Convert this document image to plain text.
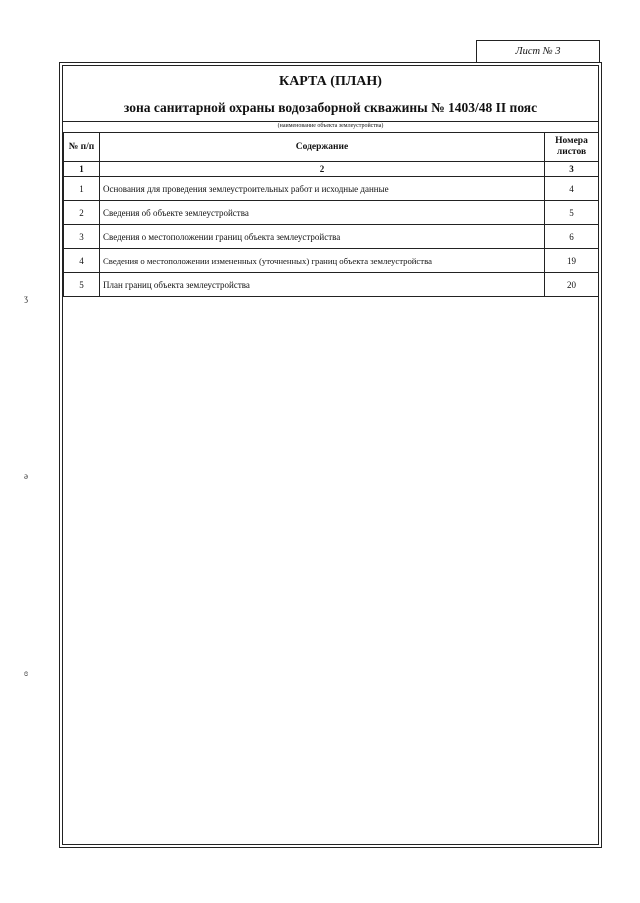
Лист № 3
ʒ
ə
ɞ
КАРТА (ПЛАН)
зона санитарной охраны водозаборной скважины № 1403/48 II пояс
(наименование объекта землеустройства)
№ п/п	Содержание	Номера листов
1	2	3
1	Основания для проведения землеустроительных работ и исходные данные	4
2	Сведения об объекте землеустройства	5
3	Сведения о местоположении границ объекта землеустройства	6
4	Сведения о местоположении измененных (уточненных) границ объекта землеустройства	19
5	План границ объекта землеустройства	20
